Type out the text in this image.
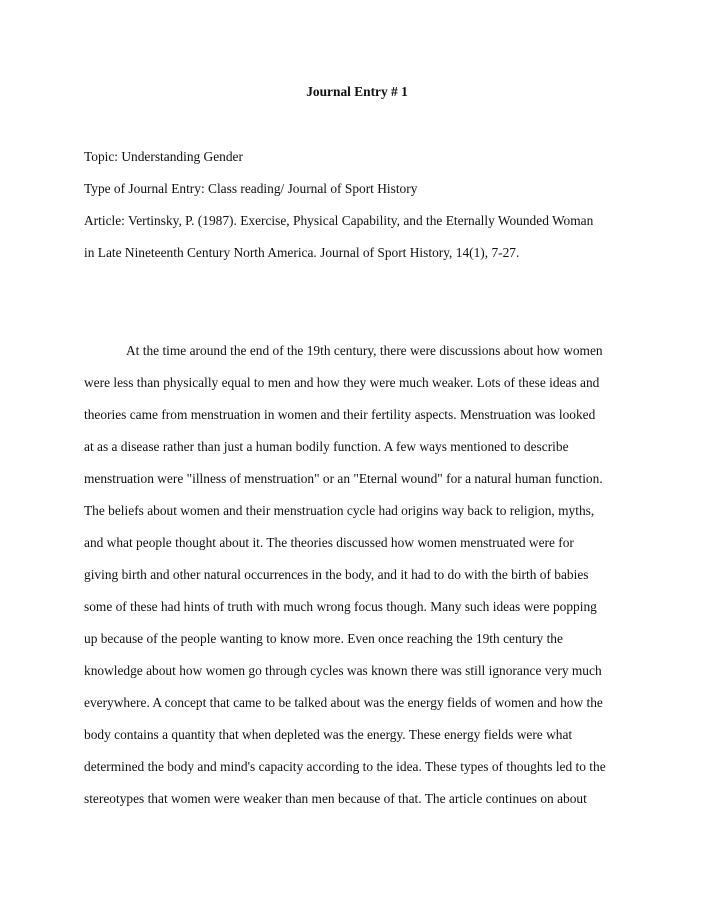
Journal Entry # 1
Topic: Understanding Gender
Type of Journal Entry: Class reading/ Journal of Sport History
Article: Vertinsky, P. (1987). Exercise, Physical Capability, and the Eternally Wounded Woman
in Late Nineteenth Century North America. Journal of Sport History, 14(1), 7-27.
At the time around the end of the 19th century, there were discussions about how women
were less than physically equal to men and how they were much weaker. Lots of these ideas and
theories came from menstruation in women and their fertility aspects. Menstruation was looked
at as a disease rather than just a human bodily function. A few ways mentioned to describe
menstruation were "illness of menstruation" or an "Eternal wound" for a natural human function.
The beliefs about women and their menstruation cycle had origins way back to religion, myths,
and what people thought about it. The theories discussed how women menstruated were for
giving birth and other natural occurrences in the body, and it had to do with the birth of babies
some of these had hints of truth with much wrong focus though. Many such ideas were popping
up because of the people wanting to know more. Even once reaching the 19th century the
knowledge about how women go through cycles was known there was still ignorance very much
everywhere. A concept that came to be talked about was the energy fields of women and how the
body contains a quantity that when depleted was the energy. These energy fields were what
determined the body and mind's capacity according to the idea. These types of thoughts led to the
stereotypes that women were weaker than men because of that. The article continues on about
